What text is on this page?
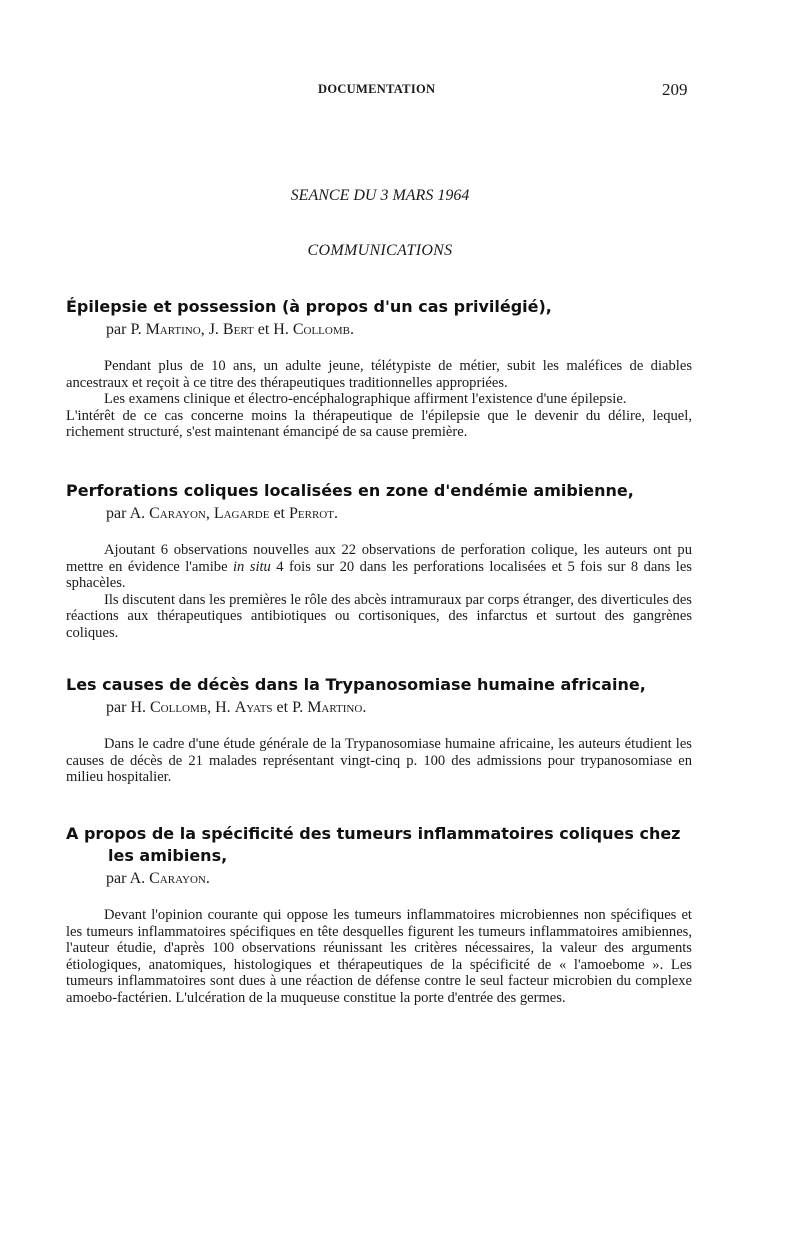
DOCUMENTATION	209
SEANCE DU 3 MARS 1964
COMMUNICATIONS
Épilepsie et possession (à propos d'un cas privilégié),

par P. Martino, J. Bert et H. Collomb.

Pendant plus de 10 ans, un adulte jeune, télétypiste de métier, subit les maléfices de diables ancestraux et reçoit à ce titre des thérapeutiques traditionnelles appropriées.

Les examens clinique et électro-encéphalographique affirment l'existence d'une épilepsie.

L'intérêt de ce cas concerne moins la thérapeutique de l'épilepsie que le devenir du délire, lequel, richement structuré, s'est maintenant émancipé de sa cause première.

Perforations coliques localisées en zone d'endémie amibienne,

par A. Carayon, Lagarde et Perrot.

Ajoutant 6 observations nouvelles aux 22 observations de perforation colique, les auteurs ont pu mettre en évidence l'amibe in situ 4 fois sur 20 dans les perforations localisées et 5 fois sur 8 dans les sphacèles.

Ils discutent dans les premières le rôle des abcès intramuraux par corps étranger, des diverticules des réactions aux thérapeutiques antibiotiques ou cortisoniques, des infarctus et surtout des gangrènes coliques.

Les causes de décès dans la Trypanosomiase humaine africaine,

par H. Collomb, H. Ayats et P. Martino.

Dans le cadre d'une étude générale de la Trypanosomiase humaine africaine, les auteurs étudient les causes de décès de 21 malades représentant vingt-cinq p. 100 des admissions pour trypanosomiase en milieu hospitalier.

A propos de la spécificité des tumeurs inflammatoires coliques chez
les amibiens,

par A. Carayon.

Devant l'opinion courante qui oppose les tumeurs inflammatoires microbiennes non spécifiques et les tumeurs inflammatoires spécifiques en tête desquelles figurent les tumeurs inflammatoires amibiennes, l'auteur étudie, d'après 100 observations réunissant les critères nécessaires, la valeur des arguments étiologiques, anatomiques, histologiques et thérapeutiques de la spécificité de « l'amoebome ». Les tumeurs inflammatoires sont dues à une réaction de défense contre le seul facteur microbien du complexe amoebo-factérien. L'ulcération de la muqueuse constitue la porte d'entrée des germes.
